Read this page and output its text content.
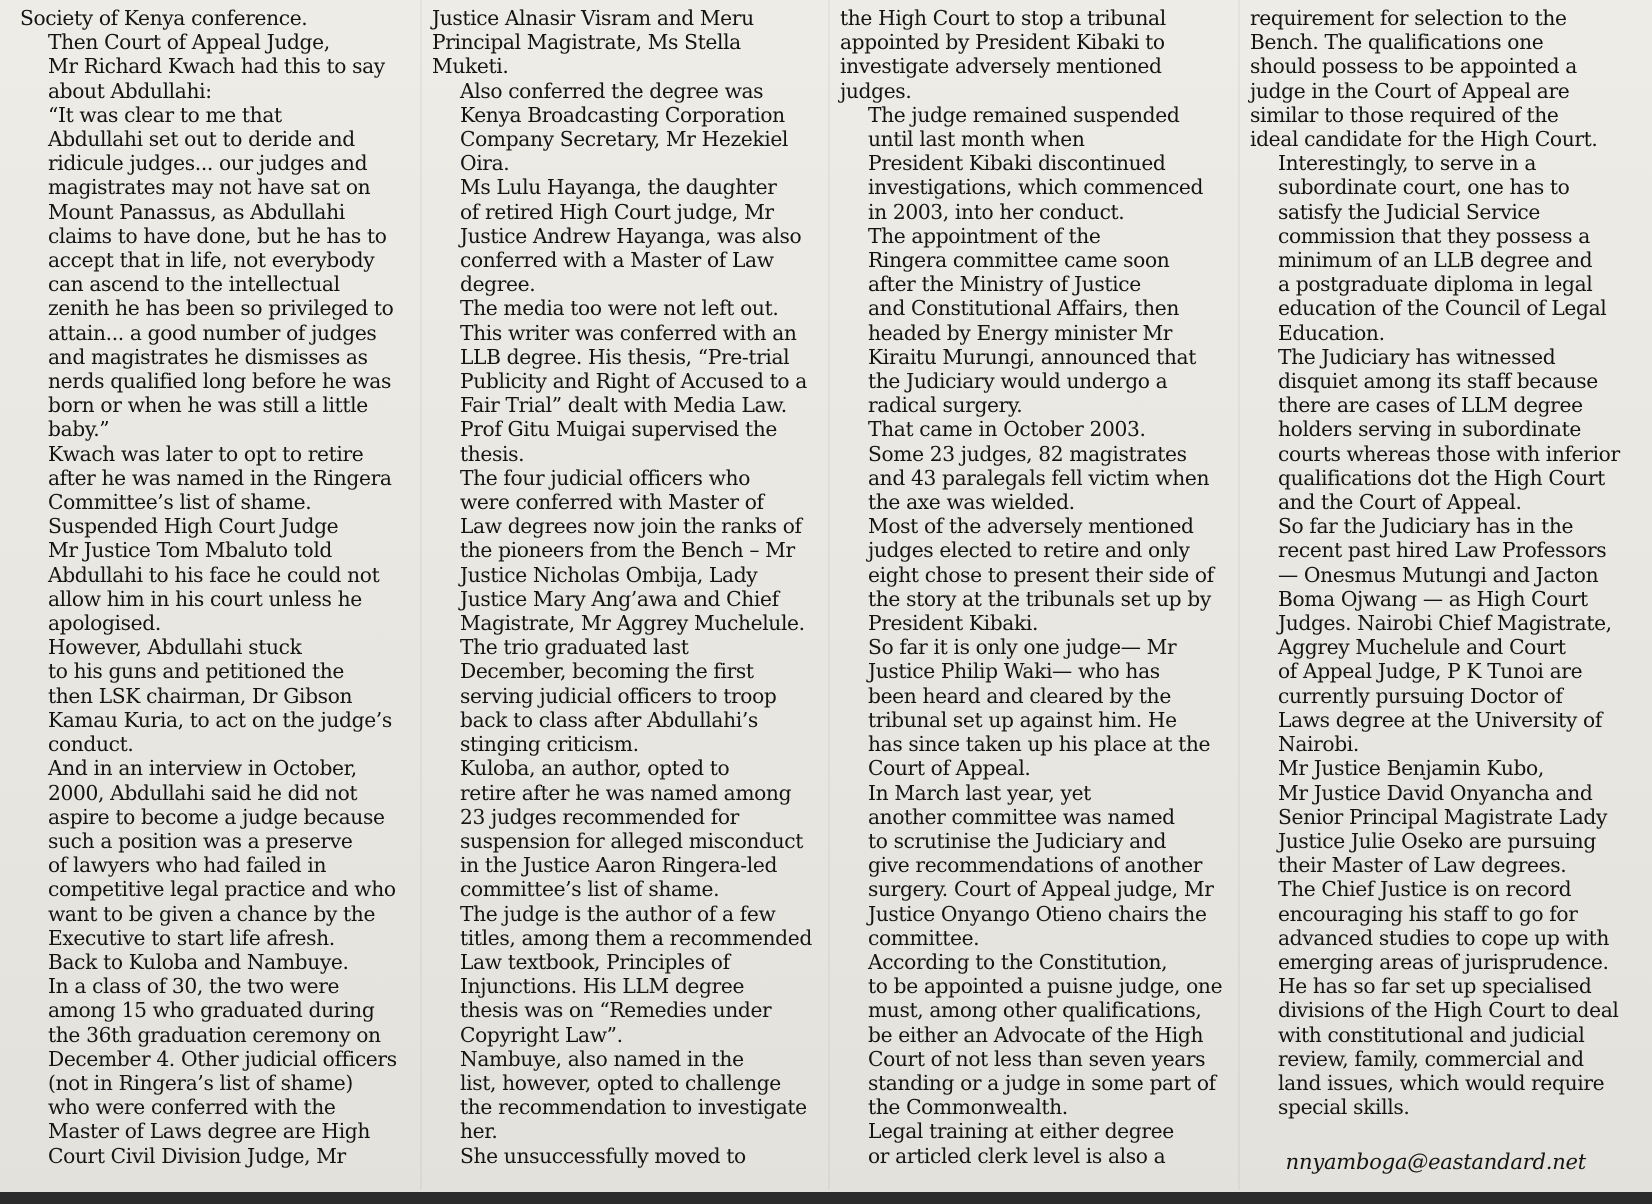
Society of Kenya conference.

Then Court of Appeal Judge,
Mr Richard Kwach had this to say
about Abdullahi:

“It was clear to me that
Abdullahi set out to deride and
ridicule judges... our judges and
magistrates may not have sat on
Mount Panassus, as Abdullahi
claims to have done, but he has to
accept that in life, not everybody
can ascend to the intellectual
zenith he has been so privileged to
attain... a good number of judges
and magistrates he dismisses as
nerds qualified long before he was
born or when he was still a little
baby.”

Kwach was later to opt to retire
after he was named in the Ringera
Committee’s list of shame.

Suspended High Court Judge
Mr Justice Tom Mbaluto told
Abdullahi to his face he could not
allow him in his court unless he
apologised.

However, Abdullahi stuck
to his guns and petitioned the
then LSK chairman, Dr Gibson
Kamau Kuria, to act on the judge’s
conduct.

And in an interview in October,
2000, Abdullahi said he did not
aspire to become a judge because
such a position was a preserve
of lawyers who had failed in
competitive legal practice and who
want to be given a chance by the
Executive to start life afresh.

Back to Kuloba and Nambuye.
In a class of 30, the two were
among 15 who graduated during
the 36th graduation ceremony on
December 4. Other judicial officers
(not in Ringera’s list of shame)
who were conferred with the
Master of Laws degree are High
Court Civil Division Judge, Mr

Justice Alnasir Visram and Meru
Principal Magistrate, Ms Stella
Muketi.

Also conferred the degree was
Kenya Broadcasting Corporation
Company Secretary, Mr Hezekiel
Oira.

Ms Lulu Hayanga, the daughter
of retired High Court judge, Mr
Justice Andrew Hayanga, was also
conferred with a Master of Law
degree.

The media too were not left out.
This writer was conferred with an
LLB degree. His thesis, “Pre-trial
Publicity and Right of Accused to a
Fair Trial” dealt with Media Law.
Prof Gitu Muigai supervised the
thesis.

The four judicial officers who
were conferred with Master of
Law degrees now join the ranks of
the pioneers from the Bench – Mr
Justice Nicholas Ombija, Lady
Justice Mary Ang’awa and Chief
Magistrate, Mr Aggrey Muchelule.

The trio graduated last
December, becoming the first
serving judicial officers to troop
back to class after Abdullahi’s
stinging criticism.

Kuloba, an author, opted to
retire after he was named among
23 judges recommended for
suspension for alleged misconduct
in the Justice Aaron Ringera-led
committee’s list of shame.

The judge is the author of a few
titles, among them a recommended
Law textbook, Principles of
Injunctions. His LLM degree
thesis was on “Remedies under
Copyright Law”.

Nambuye, also named in the
list, however, opted to challenge
the recommendation to investigate
her.

She unsuccessfully moved to

the High Court to stop a tribunal
appointed by President Kibaki to
investigate adversely mentioned
judges.

The judge remained suspended
until last month when
President Kibaki discontinued
investigations, which commenced
in 2003, into her conduct.

The appointment of the
Ringera committee came soon
after the Ministry of Justice
and Constitutional Affairs, then
headed by Energy minister Mr
Kiraitu Murungi, announced that
the Judiciary would undergo a
radical surgery.

That came in October 2003.
Some 23 judges, 82 magistrates
and 43 paralegals fell victim when
the axe was wielded.

Most of the adversely mentioned
judges elected to retire and only
eight chose to present their side of
the story at the tribunals set up by
President Kibaki.

So far it is only one judge— Mr
Justice Philip Waki— who has
been heard and cleared by the
tribunal set up against him. He
has since taken up his place at the
Court of Appeal.

In March last year, yet
another committee was named
to scrutinise the Judiciary and
give recommendations of another
surgery. Court of Appeal judge, Mr
Justice Onyango Otieno chairs the
committee.

According to the Constitution,
to be appointed a puisne judge, one
must, among other qualifications,
be either an Advocate of the High
Court of not less than seven years
standing or a judge in some part of
the Commonwealth.

Legal training at either degree
or articled clerk level is also a

requirement for selection to the
Bench. The qualifications one
should possess to be appointed a
judge in the Court of Appeal are
similar to those required of the
ideal candidate for the High Court.

Interestingly, to serve in a
subordinate court, one has to
satisfy the Judicial Service
commission that they possess a
minimum of an LLB degree and
a postgraduate diploma in legal
education of the Council of Legal
Education.

The Judiciary has witnessed
disquiet among its staff because
there are cases of LLM degree
holders serving in subordinate
courts whereas those with inferior
qualifications dot the High Court
and the Court of Appeal.

So far the Judiciary has in the
recent past hired Law Professors
— Onesmus Mutungi and Jacton
Boma Ojwang — as High Court
Judges. Nairobi Chief Magistrate,
Aggrey Muchelule and Court
of Appeal Judge, P K Tunoi are
currently pursuing Doctor of
Laws degree at the University of
Nairobi.

Mr Justice Benjamin Kubo,
Mr Justice David Onyancha and
Senior Principal Magistrate Lady
Justice Julie Oseko are pursuing
their Master of Law degrees.

The Chief Justice is on record
encouraging his staff to go for
advanced studies to cope up with
emerging areas of jurisprudence.

He has so far set up specialised
divisions of the High Court to deal
with constitutional and judicial
review, family, commercial and
land issues, which would require
special skills.

nnyamboga@eastandard.net
